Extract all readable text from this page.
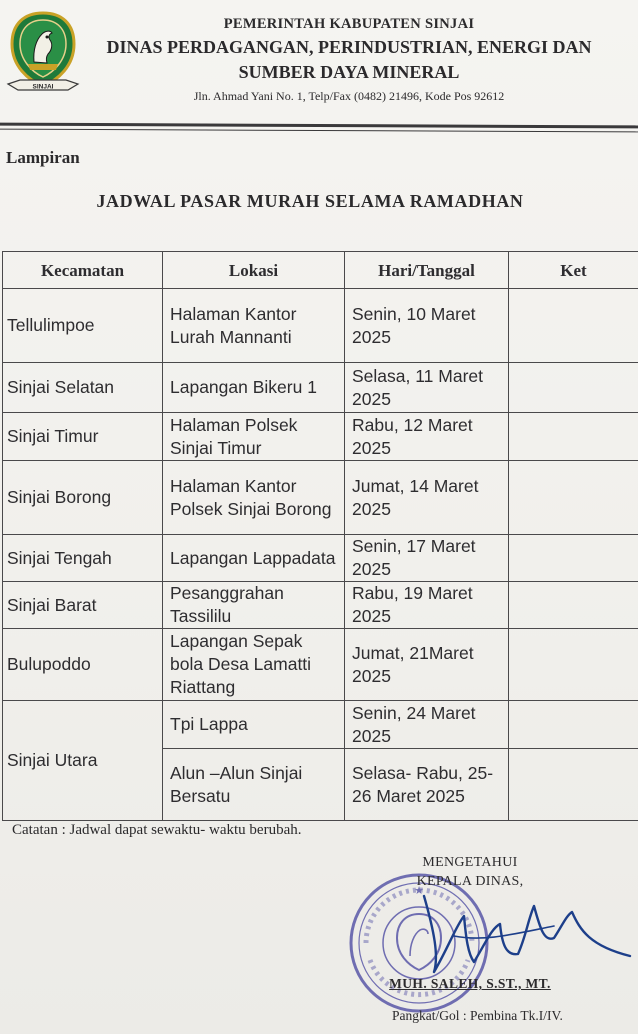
SINJAI
PEMERINTAH KABUPATEN SINJAI
DINAS PERDAGANGAN, PERINDUSTRIAN, ENERGI DAN
SUMBER DAYA MINERAL
Jln. Ahmad Yani No. 1, Telp/Fax (0482) 21496, Kode Pos 92612
Lampiran
JADWAL PASAR MURAH SELAMA RAMADHAN
Kecamatan	Lokasi	Hari/Tanggal	Ket
Tellulimpoe	Halaman Kantor Lurah Mannanti	Senin, 10 Maret 2025	
Sinjai Selatan	Lapangan Bikeru 1	Selasa, 11 Maret 2025	
Sinjai Timur	Halaman Polsek Sinjai Timur	Rabu, 12 Maret 2025	
Sinjai Borong	Halaman Kantor Polsek Sinjai Borong	Jumat, 14 Maret 2025	
Sinjai Tengah	Lapangan Lappadata	Senin, 17 Maret 2025	
Sinjai Barat	Pesanggrahan Tassililu	Rabu, 19 Maret 2025	
Bulupoddo	Lapangan Sepak bola Desa Lamatti Riattang	Jumat, 21Maret 2025	
Sinjai Utara	Tpi Lappa	Senin, 24 Maret 2025	
	Alun –Alun Sinjai Bersatu	Selasa- Rabu, 25- 26 Maret 2025	
Catatan : Jadwal dapat sewaktu- waktu berubah.
★
MENGETAHUI
KEPALA DINAS,
MUH. SALEH, S.ST., MT.
Pangkat/Gol : Pembina Tk.I/IV.
